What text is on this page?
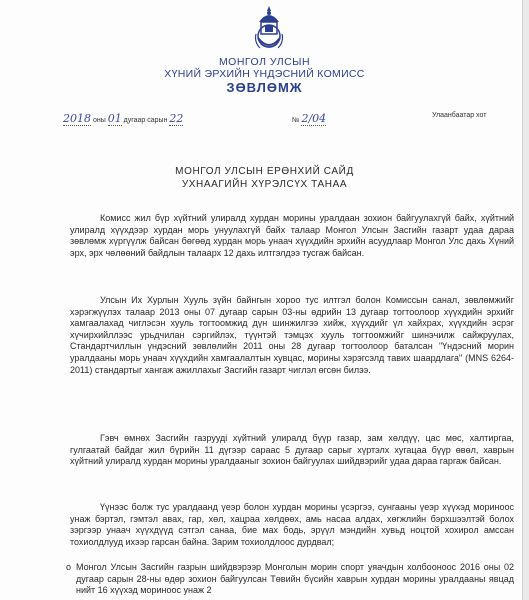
МОНГОЛ УЛСЫН
ХҮНИЙ ЭРХИЙН ҮНДЭСНИЙ КОМИСС
ЗӨВЛӨМЖ
2018 оны 01 дугаар сарын 22	№ 2/04	Улаанбаатар хот
МОНГОЛ УЛСЫН ЕРӨНХИЙ САЙД
УХНААГИЙН ХҮРЭЛСҮХ ТАНАА

Комисс жил бүр хүйтний улиралд хурдан морины уралдаан зохион байгуулахгүй байх, хүйтний улиралд хүүхдээр хурдан морь унуулахгүй байх талаар Монгол Улсын Засгийн газарт удаа дараа зөвлөмж хүргүүлж байсан бөгөөд хурдан морь унаач хүүхдийн эрхийн асуудлаар Монгол Улс дахь Хүний эрх, эрх чөлөөний байдлын талаарх 12 дахь илтгэлдээ тусгаж байсан.

Улсын Их Хурлын Хууль зүйн байнгын хороо тус илтгэл болон Комиссын санал, зөвлөмжийг хэрэгжүүлэх талаар 2013 оны 07 дугаар сарын 03-ны өдрийн 13 дугаар тогтоолоор хүүхдийн эрхийг хамгаалахад чиглэсэн хууль тогтоомжид дүн шинжилгээ хийж, хүүхдийг үл хайхрах, хүүхдийн эсрэг хүчирхийллээс урьдчилан сэргийлэх, түүнтэй тэмцэх хууль тогтоомжийг шинэчилж сайжруулах, Стандартчиллын үндэсний зөвлөлийн 2011 оны 28 дугаар тогтоолоор баталсан "Үндэсний морин уралдааны морь унаач хүүхдийн хамгаалалтын хувцас, морины хэрэгсэлд тавих шаардлага" (MNS 6264-2011) стандартыг хангаж ажиллахыг Засгийн газарт чиглэл өгсөн билээ.

Гэвч өмнөх Засгийн газруудi хүйтний улиралд бүүр газар, зам хөлдүү, цас мөс, халтиргаа, гулгаатай байдаг жил бүрийн 11 дүгээр сараас 5 дугаар сарыг хүртэлх хугацаа бүүр өвөл, хаврын хүйтний улиралд хурдан морины уралдааныг зохион байгуулах шийдвэрийг удаа дараа гаргаж байсан.

Үүнээс болж тус уралдаанд үеэр болон хурдан морины үсэргээ, сунгааны үеэр хүүхэд мориноос унаж бэртэл, гэмтэл авах, гар, хөл, хацраа хөлдөөх, амь насаа алдах, хөгжлийн бэрхшээлтэй болох зэргээр унаач хүүхдүүд сэтгэл санаа, бие мах бодь, эрүүл мэндийн хувьд ноцтой хохирол амссан тохиолдлууд ихээр гарсан байна. Зарим тохиолдлоос дурдвал;

o Монгол Улсын Засгийн газрын шийдвэрээр Монголын морин спорт уяачдын холбооноос 2016 оны 02 дугаар сарын 28-ны өдөр зохион байгуулсан Төвийн бүсийн хаврын хурдан морины уралдааны явцад нийт 16 хүүхэд мориноос унаж 2
